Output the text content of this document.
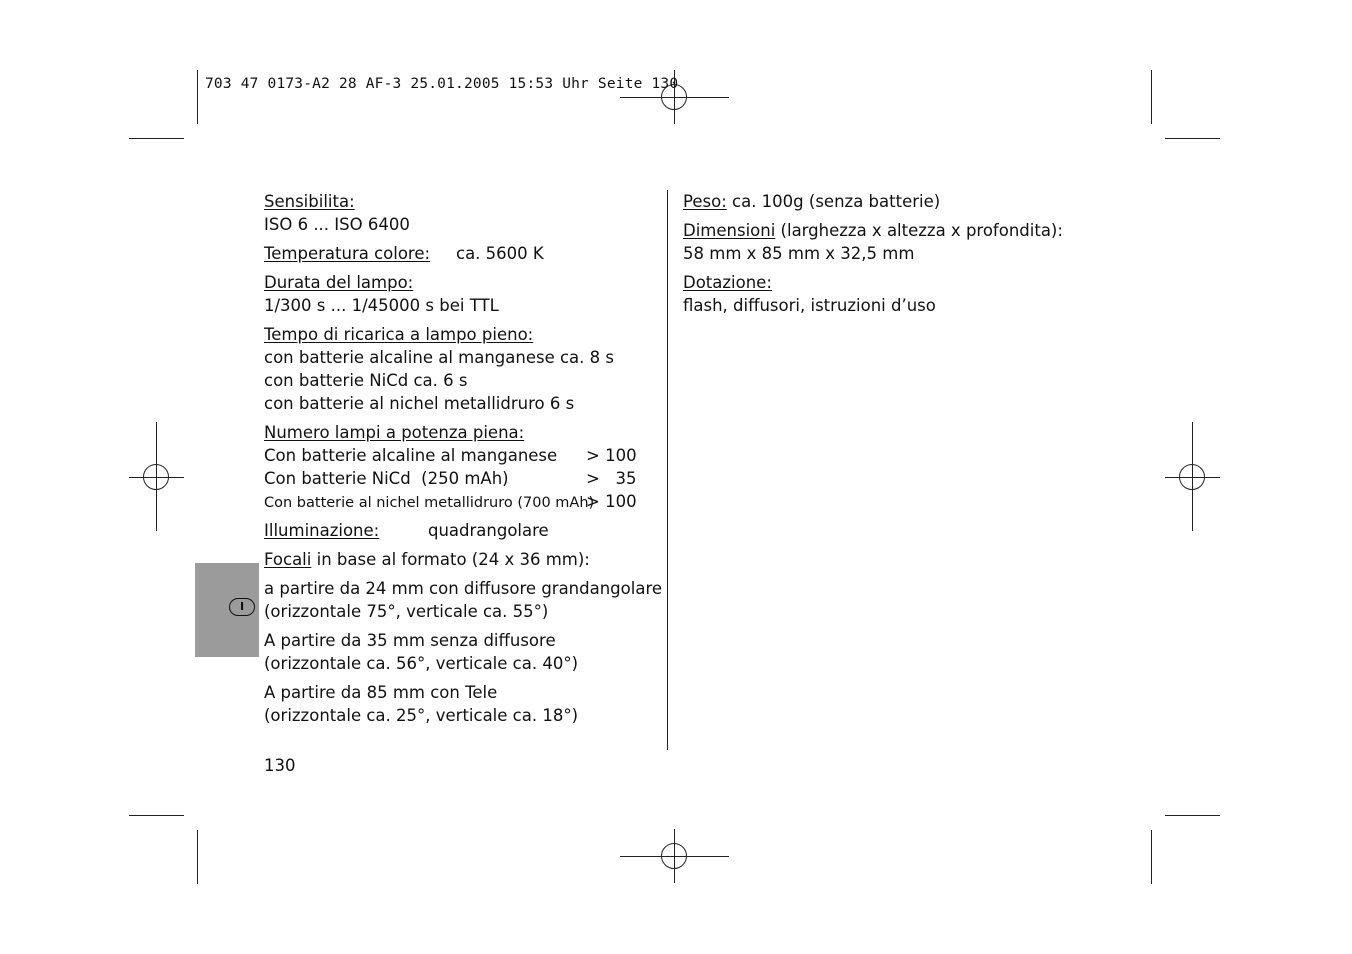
703 47 0173-A2 28 AF-3 25.01.2005 15:53 Uhr Seite 130
I
Sensibilita:
ISO 6 ... ISO 6400
Temperatura colore: ca. 5600 K
Durata del lampo:
1/300 s ... 1/45000 s bei TTL
Tempo di ricarica a lampo pieno:
con batterie alcaline al manganese ca. 8 s
con batterie NiCd ca. 6 s
con batterie al nichel metallidruro 6 s
Numero lampi a potenza piena:
Con batterie alcaline al manganese > 100
Con batterie NiCd  (250 mAh)	>   35
Con batterie al nichel metallidruro (700 mAh)
> 100
Illuminazione:	quadrangolare
Focali in base al formato (24 x 36 mm):
a partire da 24 mm con diffusore grandangolare
(orizzontale 75°, verticale ca. 55°)
A partire da 35 mm senza diffusore
(orizzontale ca. 56°, verticale ca. 40°)
A partire da 85 mm con Tele
(orizzontale ca. 25°, verticale ca. 18°)
Peso: ca. 100g (senza batterie)
Dimensioni (larghezza x altezza x profondita):
58 mm x 85 mm x 32,5 mm
Dotazione:
flash, diffusori, istruzioni d’uso
130
